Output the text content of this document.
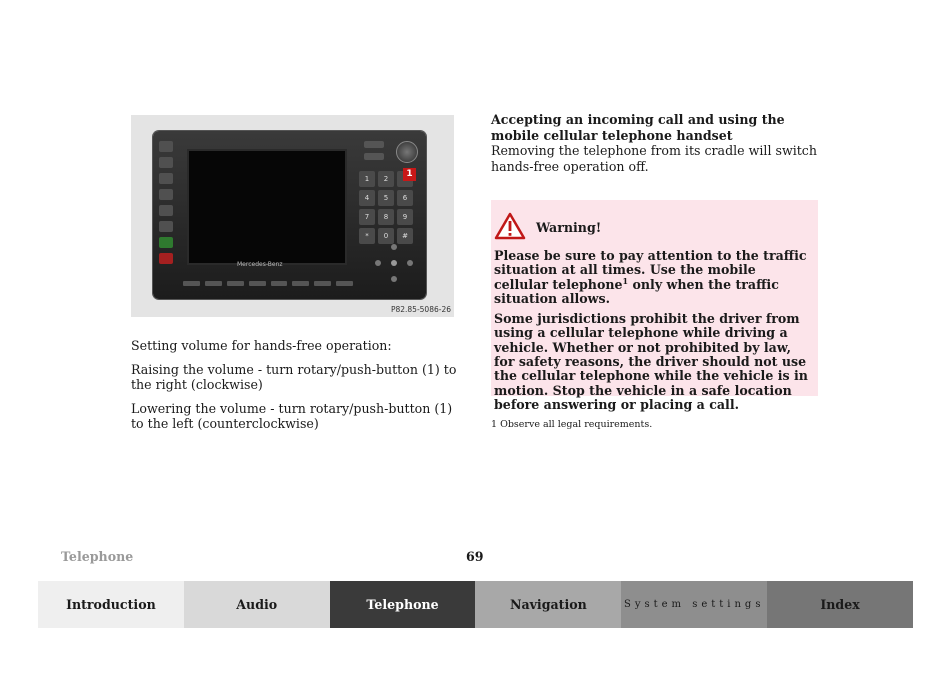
Mercedes-Benz
1	2
4	5	6
7	8	9
*	0	#
1
P82.85-5086-26

Setting volume for hands-free operation:

Raising the volume - turn rotary/push-button (1) to the right (clockwise)

Lowering the volume - turn rotary/push-button (1) to the left (counterclockwise)

Accepting an incoming call and using the mobile cellular telephone handset

Removing the telephone from its cradle will switch hands-free operation off.

Warning!

Please be sure to pay attention to the traffic situation at all times. Use the mobile cellular telephone$^1$ only when the traffic situation allows.

Some jurisdictions prohibit the driver from using a cellular telephone while driving a vehicle. Whether or not prohibited by law, for safety reasons, the driver should not use the cellular telephone while the vehicle is in motion. Stop the vehicle in a safe location before answering or placing a call.

1 Observe all legal requirements.
Telephone	69
Introduction	Audio	Telephone	Navigation	System settings	Index
